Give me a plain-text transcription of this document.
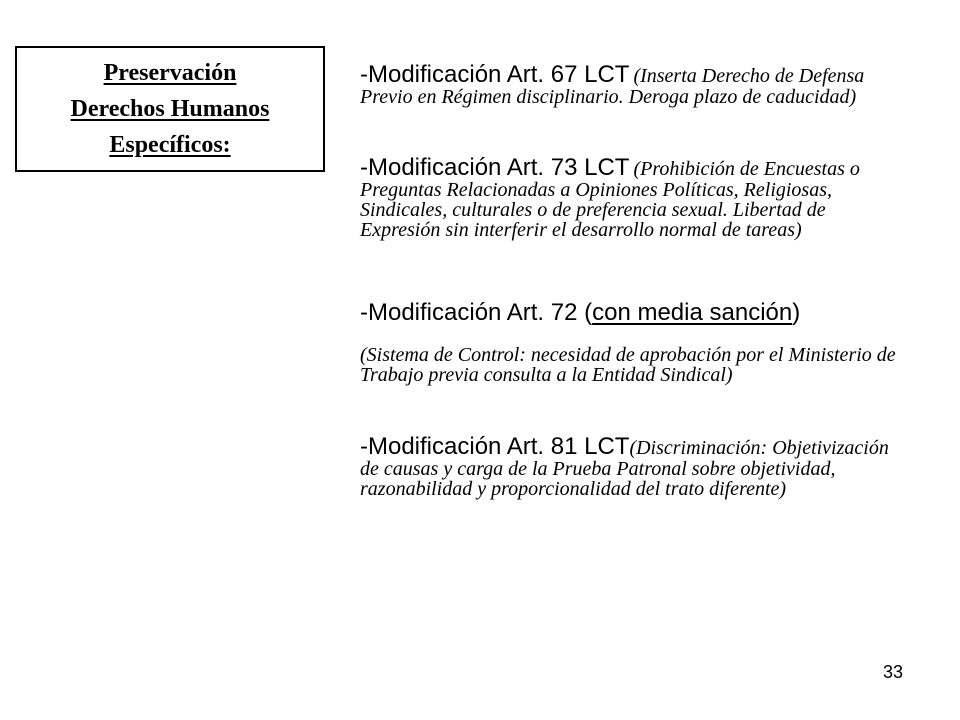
Preservación
Derechos Humanos
Específicos:

-Modificación Art. 67 LCT (Inserta Derecho de Defensa Previo en Régimen disciplinario. Deroga plazo de caducidad)

-Modificación Art. 73 LCT (Prohibición de Encuestas o Preguntas Relacionadas a Opiniones Políticas, Religiosas, Sindicales, culturales o de preferencia sexual. Libertad de Expresión sin interferir el desarrollo normal de tareas)

-Modificación Art. 72 (con media sanción)

(Sistema de Control: necesidad de aprobación por el Ministerio de Trabajo previa consulta a la Entidad Sindical)

-Modificación Art. 81 LCT(Discriminación: Objetivización de causas y carga de la Prueba Patronal sobre objetividad, razonabilidad y proporcionalidad del trato diferente)

33
